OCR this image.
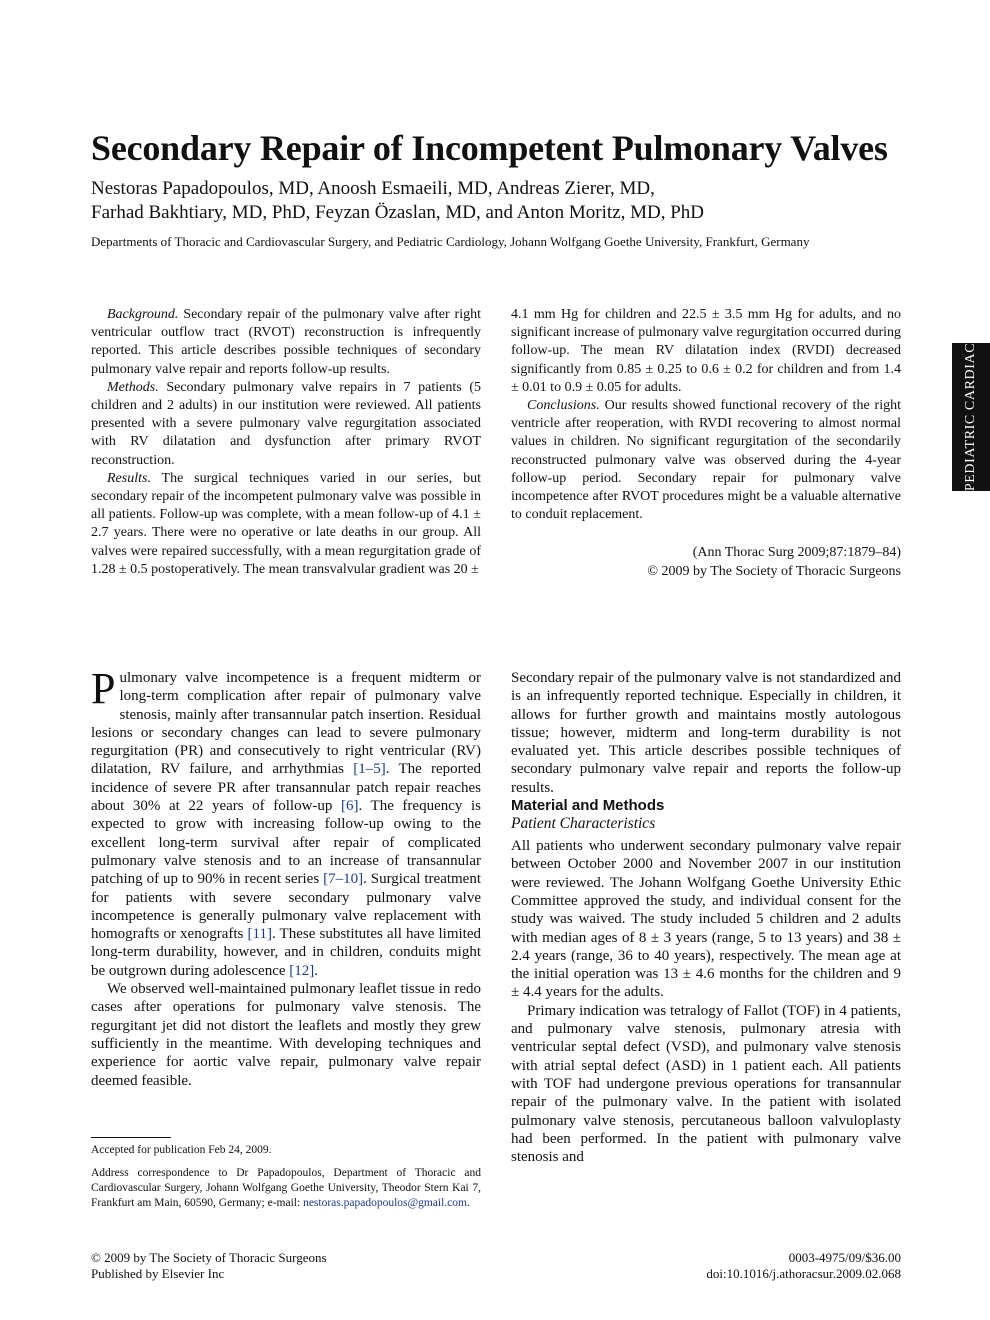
Secondary Repair of Incompetent Pulmonary Valves
Nestoras Papadopoulos, MD, Anoosh Esmaeili, MD, Andreas Zierer, MD,
Farhad Bakhtiary, MD, PhD, Feyzan Özaslan, MD, and Anton Moritz, MD, PhD
Departments of Thoracic and Cardiovascular Surgery, and Pediatric Cardiology, Johann Wolfgang Goethe University, Frankfurt, Germany
PEDIATRIC CARDIAC

Background. Secondary repair of the pulmonary valve after right ventricular outflow tract (RVOT) reconstruction is infrequently reported. This article describes possible techniques of secondary pulmonary valve repair and reports follow-up results.

Methods. Secondary pulmonary valve repairs in 7 patients (5 children and 2 adults) in our institution were reviewed. All patients presented with a severe pulmonary valve regurgitation associated with RV dilatation and dysfunction after primary RVOT reconstruction.

Results. The surgical techniques varied in our series, but secondary repair of the incompetent pulmonary valve was possible in all patients. Follow-up was complete, with a mean follow-up of 4.1 ± 2.7 years. There were no operative or late deaths in our group. All valves were repaired successfully, with a mean regurgitation grade of 1.28 ± 0.5 postoperatively. The mean transvalvular gradient was 20 ±

4.1 mm Hg for children and 22.5 ± 3.5 mm Hg for adults, and no significant increase of pulmonary valve regurgitation occurred during follow-up. The mean RV dilatation index (RVDI) decreased significantly from 0.85 ± 0.25 to 0.6 ± 0.2 for children and from 1.4 ± 0.01 to 0.9 ± 0.05 for adults.

Conclusions. Our results showed functional recovery of the right ventricle after reoperation, with RVDI recovering to almost normal values in children. No significant regurgitation of the secondarily reconstructed pulmonary valve was observed during the 4-year follow-up period. Secondary repair for pulmonary valve incompetence after RVOT procedures might be a valuable alternative to conduit replacement.

(Ann Thorac Surg 2009;87:1879–84)

© 2009 by The Society of Thoracic Surgeons

Pulmonary valve incompetence is a frequent midterm or long-term complication after repair of pulmonary valve stenosis, mainly after transannular patch insertion. Residual lesions or secondary changes can lead to severe pulmonary regurgitation (PR) and consecutively to right ventricular (RV) dilatation, RV failure, and arrhythmias [1–5]. The reported incidence of severe PR after transannular patch repair reaches about 30% at 22 years of follow-up [6]. The frequency is expected to grow with increasing follow-up owing to the excellent long-term survival after repair of complicated pulmonary valve stenosis and to an increase of transannular patching of up to 90% in recent series [7–10]. Surgical treatment for patients with severe secondary pulmonary valve incompetence is generally pulmonary valve replacement with homografts or xenografts [11]. These substitutes all have limited long-term durability, however, and in children, conduits might be outgrown during adolescence [12].

We observed well-maintained pulmonary leaflet tissue in redo cases after operations for pulmonary valve stenosis. The regurgitant jet did not distort the leaflets and mostly they grew sufficiently in the meantime. With developing techniques and experience for aortic valve repair, pulmonary valve repair deemed feasible.

Secondary repair of the pulmonary valve is not standardized and is an infrequently reported technique. Especially in children, it allows for further growth and maintains mostly autologous tissue; however, midterm and long-term durability is not evaluated yet. This article describes possible techniques of secondary pulmonary valve repair and reports the follow-up results.

Material and Methods

Patient Characteristics

All patients who underwent secondary pulmonary valve repair between October 2000 and November 2007 in our institution were reviewed. The Johann Wolfgang Goethe University Ethic Committee approved the study, and individual consent for the study was waived. The study included 5 children and 2 adults with median ages of 8 ± 3 years (range, 5 to 13 years) and 38 ± 2.4 years (range, 36 to 40 years), respectively. The mean age at the initial operation was 13 ± 4.6 months for the children and 9 ± 4.4 years for the adults.

Primary indication was tetralogy of Fallot (TOF) in 4 patients, and pulmonary valve stenosis, pulmonary atresia with ventricular septal defect (VSD), and pulmonary valve stenosis with atrial septal defect (ASD) in 1 patient each. All patients with TOF had undergone previous operations for transannular repair of the pulmonary valve. In the patient with isolated pulmonary valve stenosis, percutaneous balloon valvuloplasty had been performed. In the patient with pulmonary valve stenosis and

Accepted for publication Feb 24, 2009.
Address correspondence to Dr Papadopoulos, Department of Thoracic and Cardiovascular Surgery, Johann Wolfgang Goethe University, Theodor Stern Kai 7, Frankfurt am Main, 60590, Germany; e-mail: nestoras.papadopoulos@gmail.com.
© 2009 by The Society of Thoracic Surgeons
Published by Elsevier Inc
0003-4975/09/$36.00
doi:10.1016/j.athoracsur.2009.02.068
